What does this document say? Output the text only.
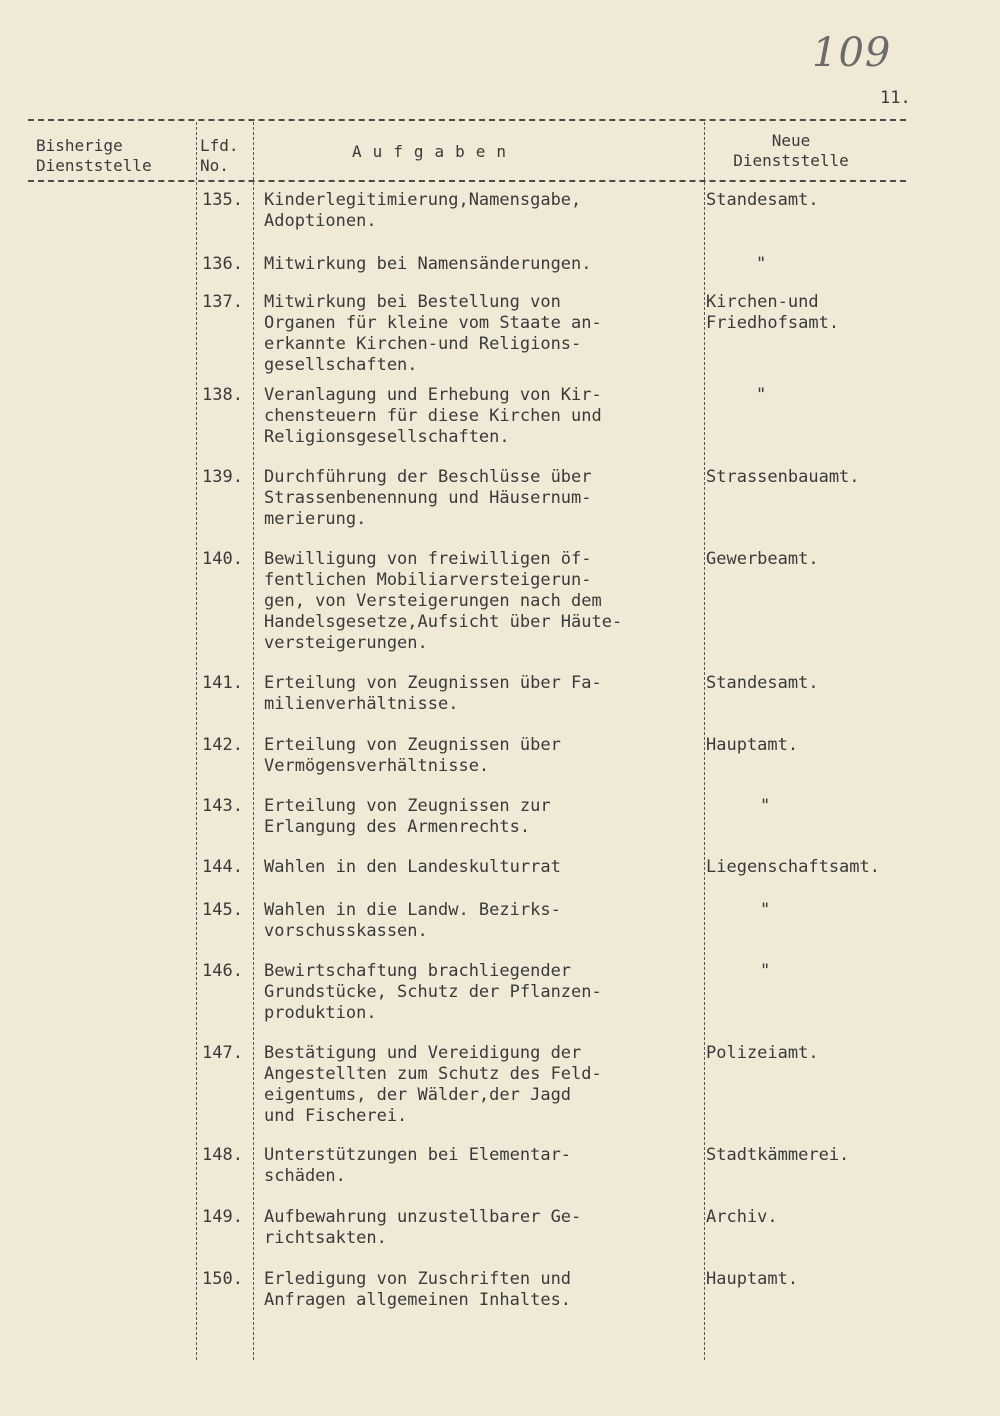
109
11.
Bisherige
Dienststelle
Lfd.
No.
Aufgaben
Neue
Dienststelle
135. Kinderlegitimierung,Namensgabe,
Adoptionen.
Standesamt.
136. Mitwirkung bei Namensänderungen.	"
137. Mitwirkung bei Bestellung von
Organen für kleine vom Staate an-
erkannte Kirchen-und Religions-
gesellschaften.
Kirchen-und
Friedhofsamt.
138. Veranlagung und Erhebung von Kir-
chensteuern für diese Kirchen und
Religionsgesellschaften.
"
139. Durchführung der Beschlüsse über
Strassenbenennung und Häusernum-
merierung.
Strassenbauamt.
140. Bewilligung von freiwilligen öf-
fentlichen Mobiliarversteigerun-
gen, von Versteigerungen nach dem
Handelsgesetze,Aufsicht über Häute-
versteigerungen.
Gewerbeamt.
141. Erteilung von Zeugnissen über Fa-
milienverhältnisse.
Standesamt.
142. Erteilung von Zeugnissen über
Vermögensverhältnisse.
Hauptamt.
143. Erteilung von Zeugnissen zur
Erlangung des Armenrechts.
"
144. Wahlen in den Landeskulturrat	Liegenschaftsamt.
145. Wahlen in die Landw. Bezirks-
vorschusskassen.
"
146. Bewirtschaftung brachliegender
Grundstücke, Schutz der Pflanzen-
produktion.
"
147. Bestätigung und Vereidigung der
Angestellten zum Schutz des Feld-
eigentums, der Wälder,der Jagd
und Fischerei.
Polizeiamt.
148. Unterstützungen bei Elementar-
schäden.
Stadtkämmerei.
149. Aufbewahrung unzustellbarer Ge-
richtsakten.
Archiv.
150. Erledigung von Zuschriften und
Anfragen allgemeinen Inhaltes.
Hauptamt.
